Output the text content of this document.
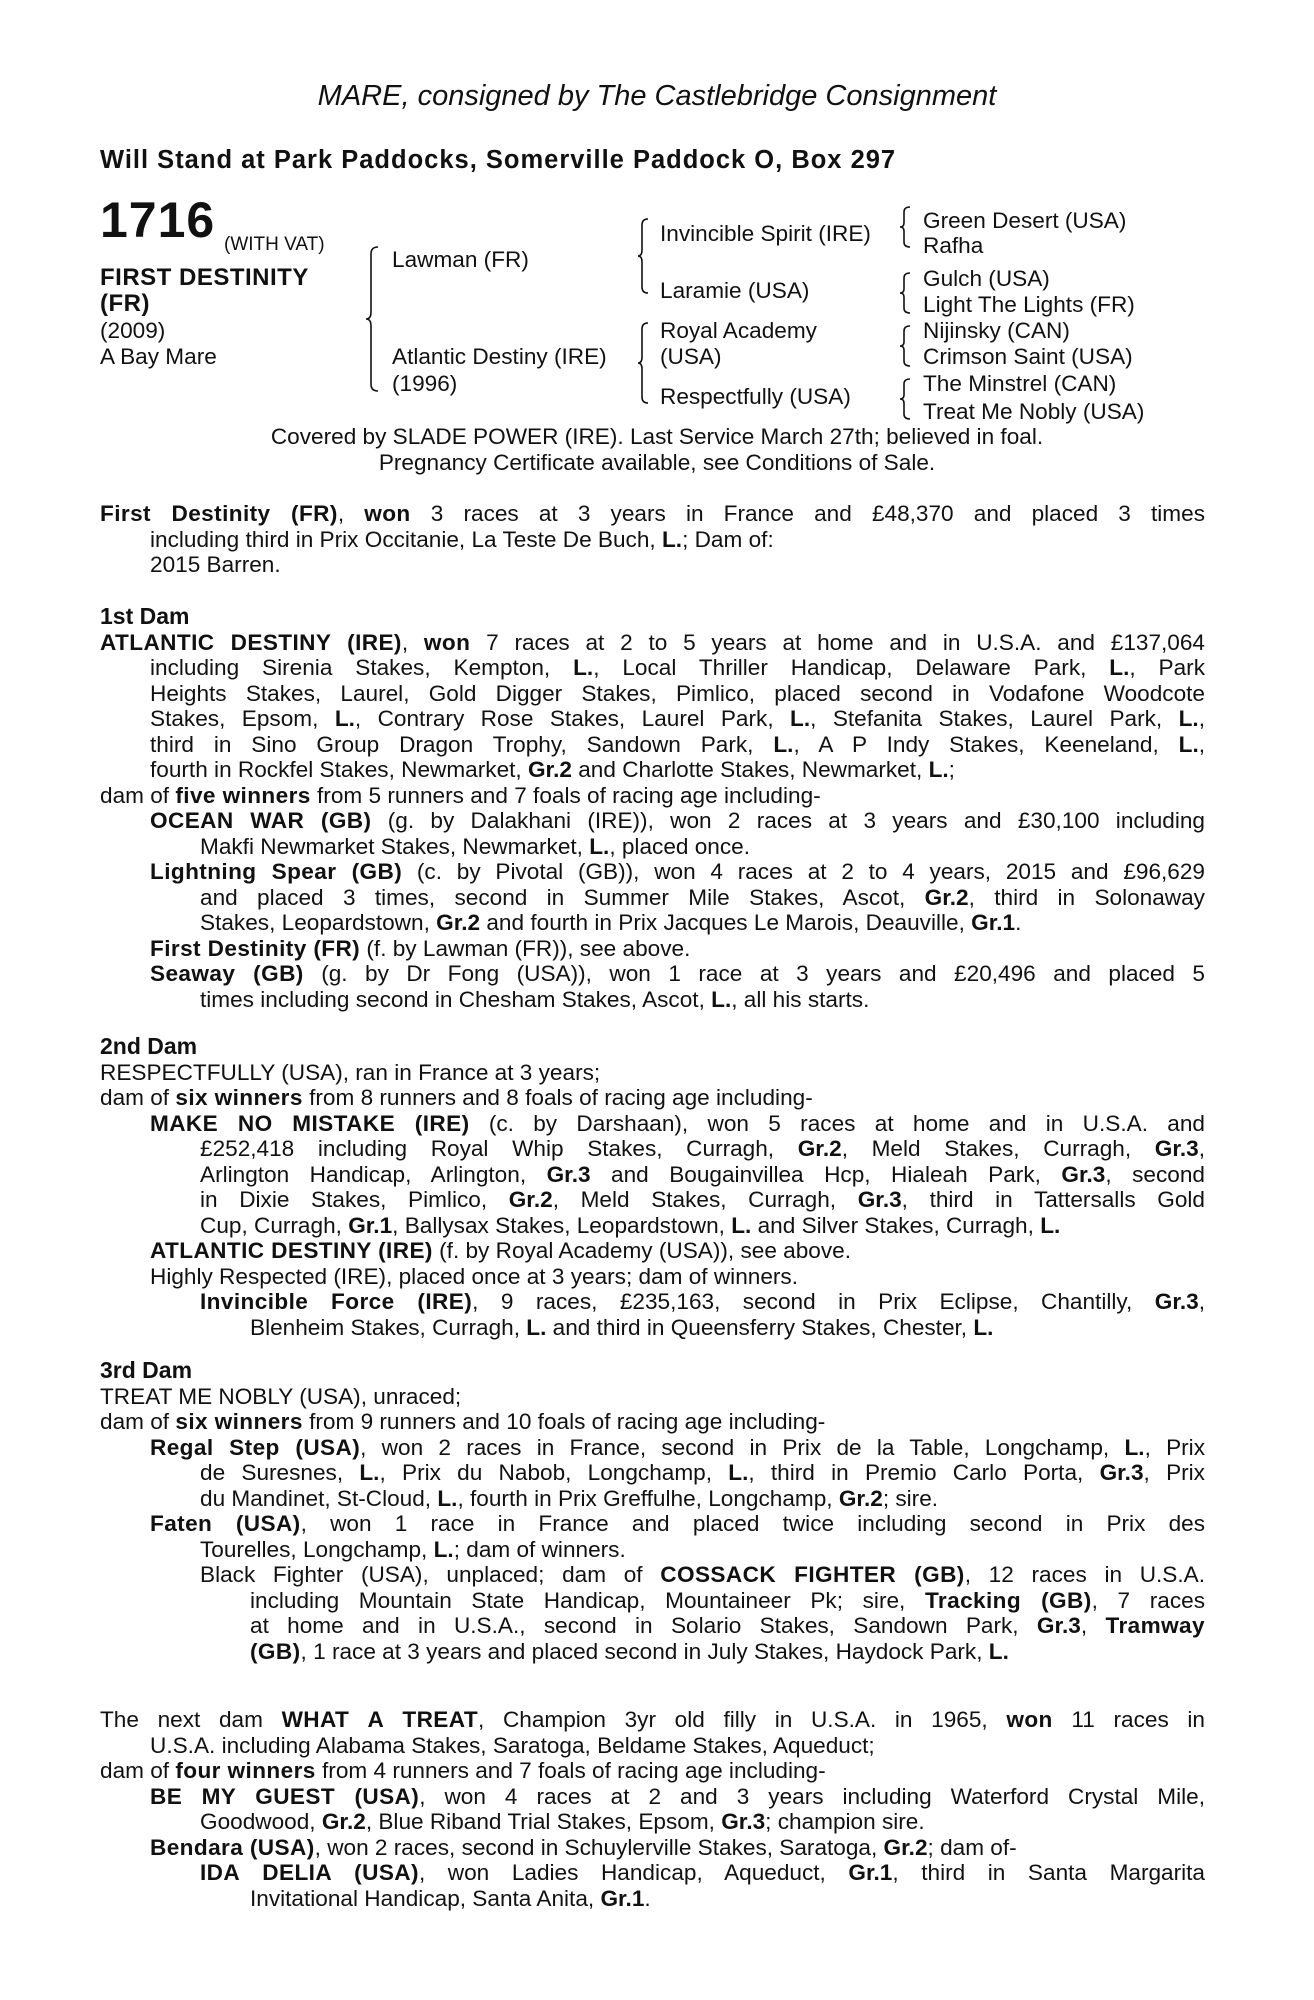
MARE, consigned by The Castlebridge Consignment
Will Stand at Park Paddocks, Somerville Paddock O, Box 297
1716 (WITH VAT)
FIRST DESTINITY
(FR)
(2009)
A Bay Mare
Lawman (FR)
Invincible Spirit (IRE)
Laramie (USA)
Green Desert (USA)
Rafha
Gulch (USA)
Light The Lights (FR)
Atlantic Destiny (IRE)
(1996)
Royal Academy
(USA)
Respectfully (USA)
Nijinsky (CAN)
Crimson Saint (USA)
The Minstrel (CAN)
Treat Me Nobly (USA)
Covered by SLADE POWER (IRE). Last Service March 27th; believed in foal.
Pregnancy Certificate available, see Conditions of Sale.
First Destinity (FR), won 3 races at 3 years in France and £48,370 and placed 3 times
including third in Prix Occitanie, La Teste De Buch, L.; Dam of:
2015 Barren.
1st Dam
ATLANTIC DESTINY (IRE), won 7 races at 2 to 5 years at home and in U.S.A. and £137,064
including Sirenia Stakes, Kempton, L., Local Thriller Handicap, Delaware Park, L., Park
Heights Stakes, Laurel, Gold Digger Stakes, Pimlico, placed second in Vodafone Woodcote
Stakes, Epsom, L., Contrary Rose Stakes, Laurel Park, L., Stefanita Stakes, Laurel Park, L.,
third in Sino Group Dragon Trophy, Sandown Park, L., A P Indy Stakes, Keeneland, L.,
fourth in Rockfel Stakes, Newmarket, Gr.2 and Charlotte Stakes, Newmarket, L.;
dam of five winners from 5 runners and 7 foals of racing age including-
OCEAN WAR (GB) (g. by Dalakhani (IRE)), won 2 races at 3 years and £30,100 including
Makfi Newmarket Stakes, Newmarket, L., placed once.
Lightning Spear (GB) (c. by Pivotal (GB)), won 4 races at 2 to 4 years, 2015 and £96,629
and placed 3 times, second in Summer Mile Stakes, Ascot, Gr.2, third in Solonaway
Stakes, Leopardstown, Gr.2 and fourth in Prix Jacques Le Marois, Deauville, Gr.1.
First Destinity (FR) (f. by Lawman (FR)), see above.
Seaway (GB) (g. by Dr Fong (USA)), won 1 race at 3 years and £20,496 and placed 5
times including second in Chesham Stakes, Ascot, L., all his starts.
2nd Dam
RESPECTFULLY (USA), ran in France at 3 years;
dam of six winners from 8 runners and 8 foals of racing age including-
MAKE NO MISTAKE (IRE) (c. by Darshaan), won 5 races at home and in U.S.A. and
£252,418 including Royal Whip Stakes, Curragh, Gr.2, Meld Stakes, Curragh, Gr.3,
Arlington Handicap, Arlington, Gr.3 and Bougainvillea Hcp, Hialeah Park, Gr.3, second
in Dixie Stakes, Pimlico, Gr.2, Meld Stakes, Curragh, Gr.3, third in Tattersalls Gold
Cup, Curragh, Gr.1, Ballysax Stakes, Leopardstown, L. and Silver Stakes, Curragh, L.
ATLANTIC DESTINY (IRE) (f. by Royal Academy (USA)), see above.
Highly Respected (IRE), placed once at 3 years; dam of winners.
Invincible Force (IRE), 9 races, £235,163, second in Prix Eclipse, Chantilly, Gr.3,
Blenheim Stakes, Curragh, L. and third in Queensferry Stakes, Chester, L.
3rd Dam
TREAT ME NOBLY (USA), unraced;
dam of six winners from 9 runners and 10 foals of racing age including-
Regal Step (USA), won 2 races in France, second in Prix de la Table, Longchamp, L., Prix
de Suresnes, L., Prix du Nabob, Longchamp, L., third in Premio Carlo Porta, Gr.3, Prix
du Mandinet, St-Cloud, L., fourth in Prix Greffulhe, Longchamp, Gr.2; sire.
Faten (USA), won 1 race in France and placed twice including second in Prix des
Tourelles, Longchamp, L.; dam of winners.
Black Fighter (USA), unplaced; dam of COSSACK FIGHTER (GB), 12 races in U.S.A.
including Mountain State Handicap, Mountaineer Pk; sire, Tracking (GB), 7 races
at home and in U.S.A., second in Solario Stakes, Sandown Park, Gr.3, Tramway
(GB), 1 race at 3 years and placed second in July Stakes, Haydock Park, L.
The next dam WHAT A TREAT, Champion 3yr old filly in U.S.A. in 1965, won 11 races in
U.S.A. including Alabama Stakes, Saratoga, Beldame Stakes, Aqueduct;
dam of four winners from 4 runners and 7 foals of racing age including-
BE MY GUEST (USA), won 4 races at 2 and 3 years including Waterford Crystal Mile,
Goodwood, Gr.2, Blue Riband Trial Stakes, Epsom, Gr.3; champion sire.
Bendara (USA), won 2 races, second in Schuylerville Stakes, Saratoga, Gr.2; dam of-
IDA DELIA (USA), won Ladies Handicap, Aqueduct, Gr.1, third in Santa Margarita
Invitational Handicap, Santa Anita, Gr.1.
